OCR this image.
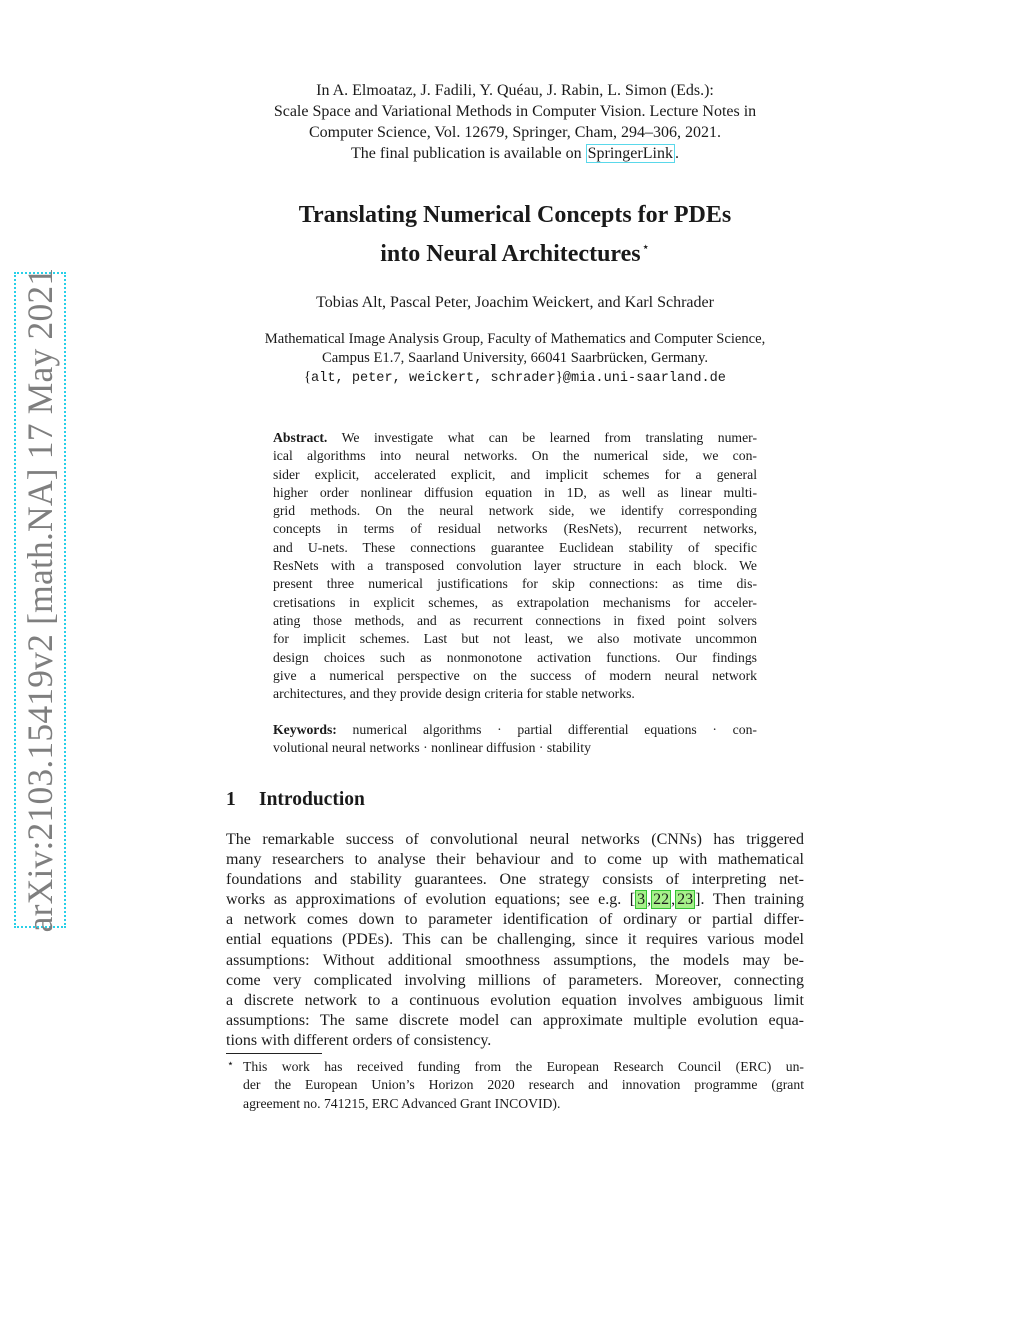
arXiv:2103.15419v2 [math.NA] 17 May 2021
In A. Elmoataz, J. Fadili, Y. Quéau, J. Rabin, L. Simon (Eds.):
Scale Space and Variational Methods in Computer Vision. Lecture Notes in
Computer Science, Vol. 12679, Springer, Cham, 294–306, 2021.
The final publication is available on SpringerLink .
Translating Numerical Concepts for PDEs
into Neural Architectures⋆
Tobias Alt, Pascal Peter, Joachim Weickert, and Karl Schrader
Mathematical Image Analysis Group, Faculty of Mathematics and Computer Science,
Campus E1.7, Saarland University, 66041 Saarbrücken, Germany.
{alt, peter, weickert, schrader}@mia.uni-saarland.de
Abstract. We investigate what can be learned from translating numer-
ical algorithms into neural networks. On the numerical side, we con-
sider explicit, accelerated explicit, and implicit schemes for a general
higher order nonlinear diffusion equation in 1D, as well as linear multi-
grid methods. On the neural network side, we identify corresponding
concepts in terms of residual networks (ResNets), recurrent networks,
and U-nets. These connections guarantee Euclidean stability of specific
ResNets with a transposed convolution layer structure in each block. We
present three numerical justifications for skip connections: as time dis-
cretisations in explicit schemes, as extrapolation mechanisms for acceler-
ating those methods, and as recurrent connections in fixed point solvers
for implicit schemes. Last but not least, we also motivate uncommon
design choices such as nonmonotone activation functions. Our findings
give a numerical perspective on the success of modern neural network
architectures, and they provide design criteria for stable networks.
Keywords: numerical algorithms · partial differential equations · con-
volutional neural networks · nonlinear diffusion · stability
1 Introduction
The remarkable success of convolutional neural networks (CNNs) has triggered
many researchers to analyse their behaviour and to come up with mathematical
foundations and stability guarantees. One strategy consists of interpreting net-
works as approximations of evolution equations; see e.g. [ 3 , 22 , 23 ]. Then training
a network comes down to parameter identification of ordinary or partial differ-
ential equations (PDEs). This can be challenging, since it requires various model
assumptions: Without additional smoothness assumptions, the models may be-
come very complicated involving millions of parameters. Moreover, connecting
a discrete network to a continuous evolution equation involves ambiguous limit
assumptions: The same discrete model can approximate multiple evolution equa-
tions with different orders of consistency.
⋆ This work has received funding from the European Research Council (ERC) un-
der the European Union’s Horizon 2020 research and innovation programme (grant
agreement no. 741215, ERC Advanced Grant INCOVID).
